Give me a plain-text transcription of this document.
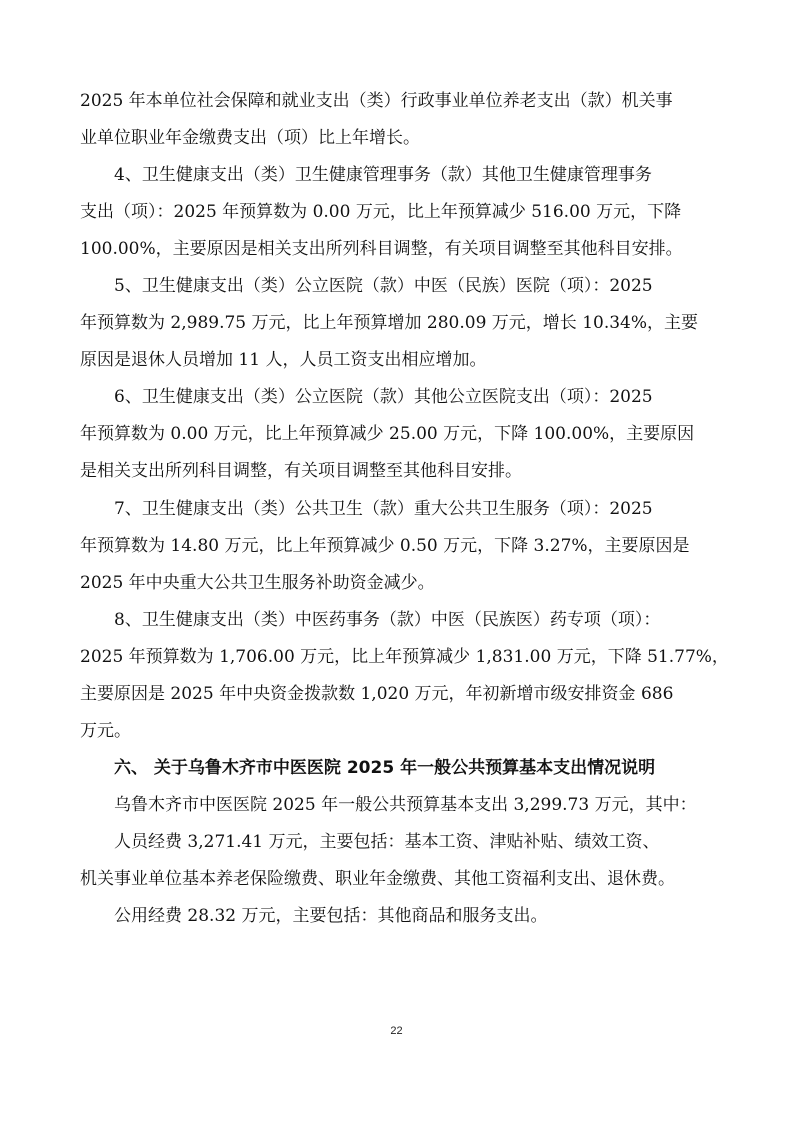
2025 年本单位社会保障和就业支出（类）行政事业单位养老支出（款）机关事
业单位职业年金缴费支出（项）比上年增长。
4、卫生健康支出（类）卫生健康管理事务（款）其他卫生健康管理事务
支出（项）：2025 年预算数为 0.00 万元，比上年预算减少 516.00 万元，下降
100.00%，主要原因是相关支出所列科目调整，有关项目调整至其他科目安排。
5、卫生健康支出（类）公立医院（款）中医（民族）医院（项）：2025
年预算数为 2,989.75 万元，比上年预算增加 280.09 万元，增长 10.34%，主要
原因是退休人员增加 11 人，人员工资支出相应增加。
6、卫生健康支出（类）公立医院（款）其他公立医院支出（项）：2025
年预算数为 0.00 万元，比上年预算减少 25.00 万元，下降 100.00%，主要原因
是相关支出所列科目调整，有关项目调整至其他科目安排。
7、卫生健康支出（类）公共卫生（款）重大公共卫生服务（项）：2025
年预算数为 14.80 万元，比上年预算减少 0.50 万元，下降 3.27%，主要原因是
2025 年中央重大公共卫生服务补助资金减少。
8、卫生健康支出（类）中医药事务（款）中医（民族医）药专项（项）：
2025 年预算数为 1,706.00 万元，比上年预算减少 1,831.00 万元，下降 51.77%，
主要原因是 2025 年中央资金拨款数 1,020 万元，年初新增市级安排资金 686
万元。
六、 关于乌鲁木齐市中医医院 2025 年一般公共预算基本支出情况说明
乌鲁木齐市中医医院 2025 年一般公共预算基本支出 3,299.73 万元，其中：
人员经费 3,271.41 万元，主要包括：基本工资、津贴补贴、绩效工资、
机关事业单位基本养老保险缴费、职业年金缴费、其他工资福利支出、退休费。
公用经费 28.32 万元，主要包括：其他商品和服务支出。
22
